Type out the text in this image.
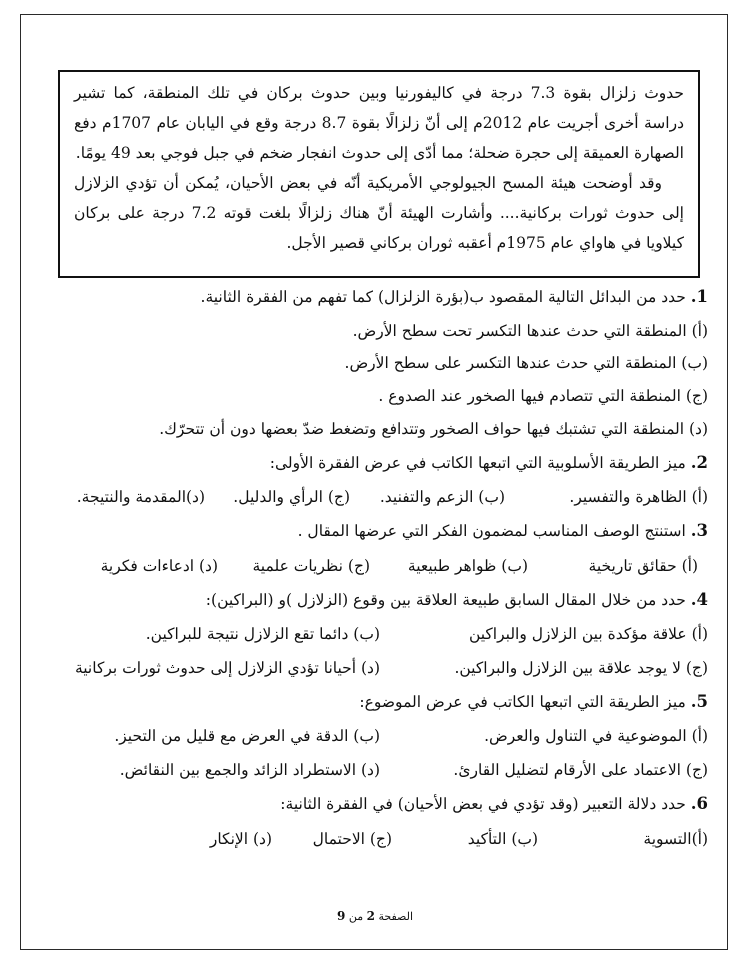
حدوث زلزال بقوة 7.3 درجة في كاليفورنيا وبين حدوث بركان في تلك المنطقة، كما تشير دراسة أخرى أجريت عام 2012م إلى أنّ زلزالًا بقوة 8.7 درجة وقع في اليابان عام 1707م دفع الصهارة العميقة إلى حجرة ضحلة؛ مما أدّى إلى حدوث انفجار ضخم في جبل فوجي بعد 49 يومًا.

وقد أوضحت هيئة المسح الجيولوجي الأمريكية أنّه في بعض الأحيان، يُمكن أن تؤدي الزلازل إلى حدوث ثورات بركانية.... وأشارت الهيئة أنّ هناك زلزالًا بلغت قوته 7.2 درجة على بركان كيلاويا في هاواي عام 1975م أعقبه ثوران بركاني قصير الأجل.

1. حدد من البدائل التالية المقصود ب(بؤرة الزلزال) كما تفهم من الفقرة الثانية.
(أ) المنطقة التي حدث عندها التكسر تحت سطح الأرض.
(ب) المنطقة التي حدث عندها التكسر على سطح الأرض.
(ج) المنطقة التي تتصادم فيها الصخور عند الصدوع .
(د) المنطقة التي تشتبك فيها حواف الصخور وتتدافع وتضغط ضدّ بعضها دون أن تتحرّك.
2. ميز الطريقة الأسلوبية التي اتبعها الكاتب في عرض الفقرة الأولى:
(أ) الظاهرة والتفسير.
(ب) الزعم والتفنيد.
(ج) الرأي والدليل.
(د)المقدمة والنتيجة.
3. استنتج الوصف المناسب لمضمون الفكر التي عرضها المقال .
(أ) حقائق تاريخية
(ب) ظواهر طبيعية
(ج) نظريات علمية
(د) ادعاءات فكرية
4. حدد من خلال المقال السابق طبيعة العلاقة بين وقوع (الزلازل )و (البراكين):
(أ) علاقة مؤكدة بين الزلازل والبراكين
(ب) دائما تقع الزلازل نتيجة للبراكين.
(ج) لا يوجد علاقة بين الزلازل والبراكين.
(د) أحيانا تؤدي الزلازل إلى حدوث ثورات بركانية
5. ميز الطريقة التي اتبعها الكاتب في عرض الموضوع:
(أ) الموضوعية في التناول والعرض.
(ب) الدقة في العرض مع قليل من التحيز.
(ج) الاعتماد على الأرقام لتضليل القارئ.
(د) الاستطراد الزائد والجمع بين النقائض.
6. حدد دلالة التعبير (وقد تؤدي في بعض الأحيان) في الفقرة الثانية:
(أ)التسوية
(ب) التأكيد
(ج) الاحتمال
(د) الإنكار
الصفحة 2 من 9
